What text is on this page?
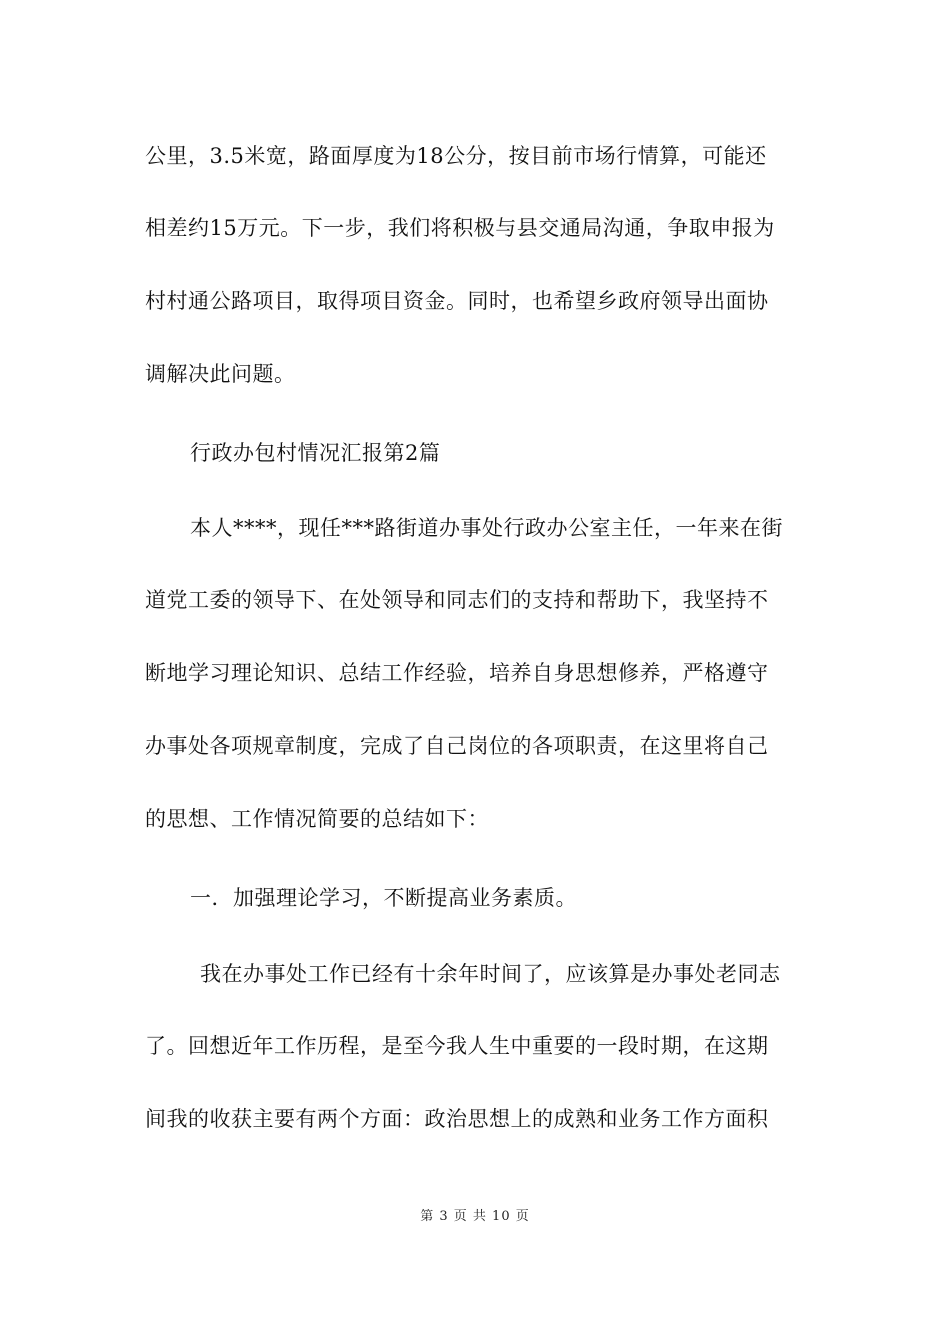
公里，3.5米宽，路面厚度为18公分，按目前市场行情算，可能还
相差约15万元。下一步，我们将积极与县交通局沟通，争取申报为
村村通公路项目，取得项目资金。同时，也希望乡政府领导出面协
调解决此问题。
行政办包村情况汇报第2篇
本人****，现任***路街道办事处行政办公室主任，一年来在街
道党工委的领导下、在处领导和同志们的支持和帮助下，我坚持不
断地学习理论知识、总结工作经验，培养自身思想修养，严格遵守
办事处各项规章制度，完成了自己岗位的各项职责，在这里将自己
的思想、工作情况简要的总结如下：
一．加强理论学习，不断提高业务素质。
我在办事处工作已经有十余年时间了，应该算是办事处老同志
了。回想近年工作历程，是至今我人生中重要的一段时期，在这期
间我的收获主要有两个方面：政治思想上的成熟和业务工作方面积
第 3 页 共 10 页
